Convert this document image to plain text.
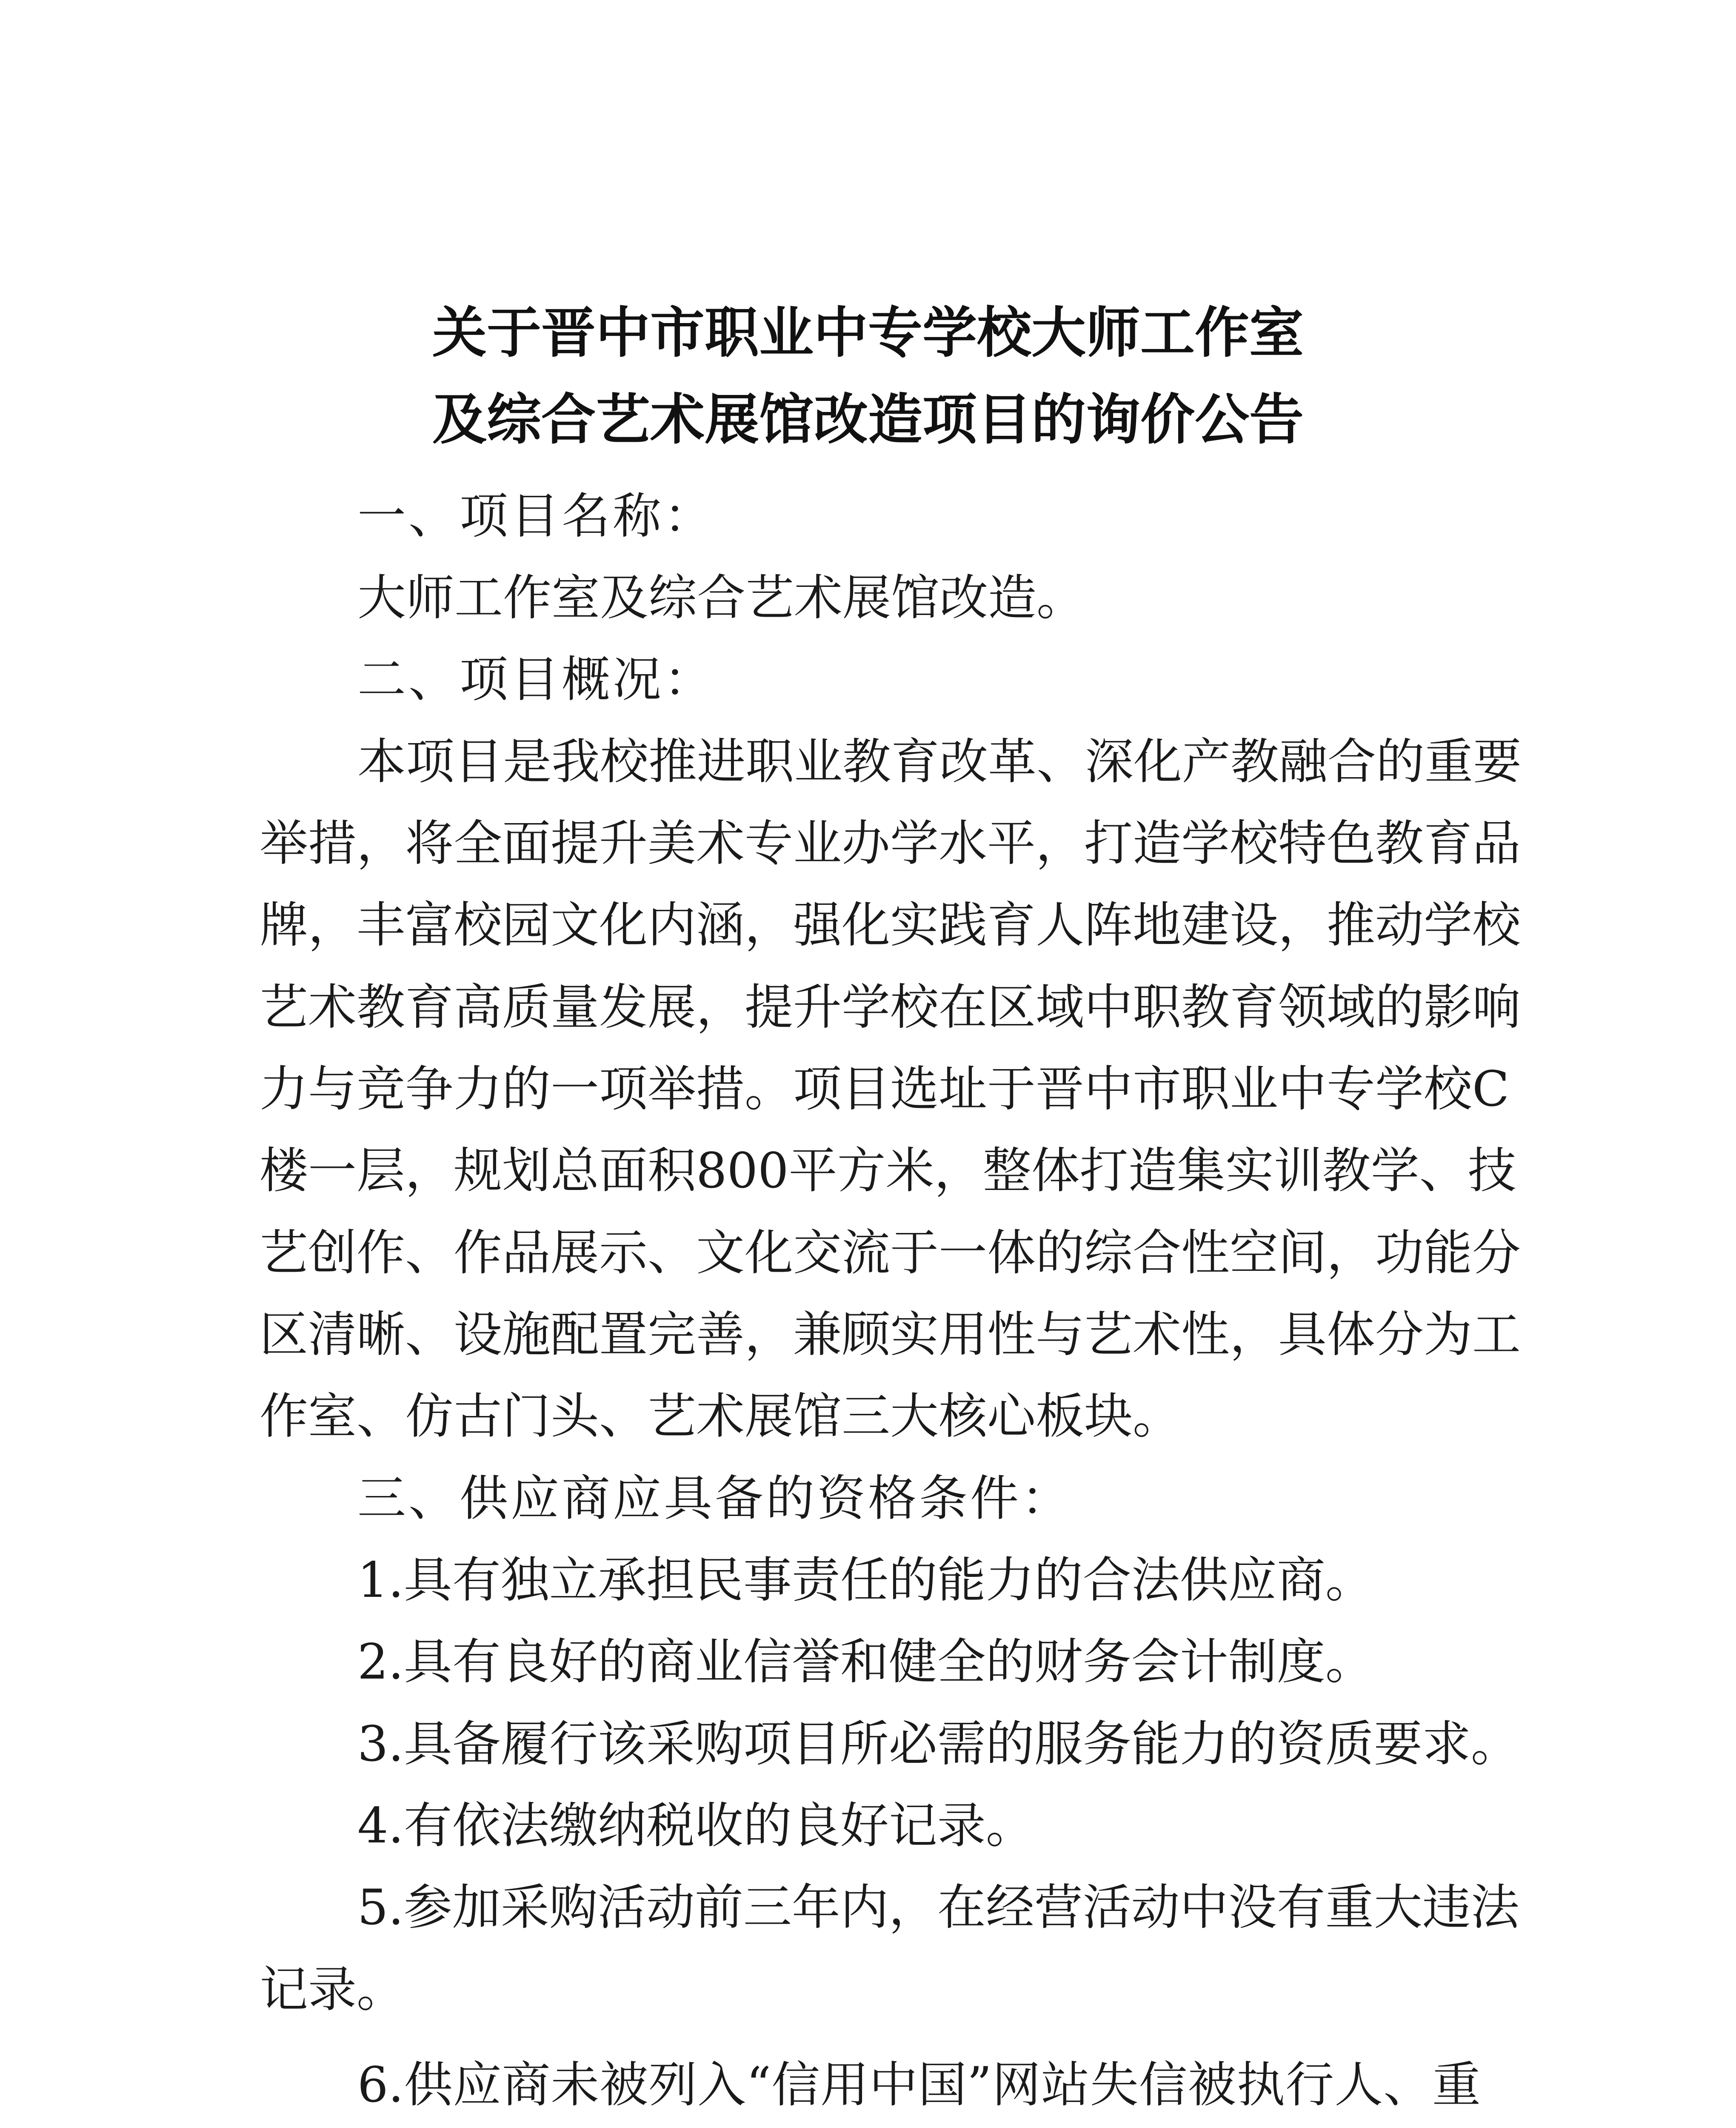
关于晋中市职业中专学校大师工作室
及综合艺术展馆改造项目的询价公告
一、项目名称：
大师工作室及综合艺术展馆改造。
二、项目概况：
本项目是我校推进职业教育改革、深化产教融合的重要
举措，将全面提升美术专业办学水平，打造学校特色教育品
牌，丰富校园文化内涵，强化实践育人阵地建设，推动学校
艺术教育高质量发展，提升学校在区域中职教育领域的影响
力与竞争力的一项举措。项目选址于晋中市职业中专学校C
楼一层，规划总面积800平方米，整体打造集实训教学、技
艺创作、作品展示、文化交流于一体的综合性空间，功能分
区清晰、设施配置完善，兼顾实用性与艺术性，具体分为工
作室、仿古门头、艺术展馆三大核心板块。
三、供应商应具备的资格条件：
1.具有独立承担民事责任的能力的合法供应商。
2.具有良好的商业信誉和健全的财务会计制度。
3.具备履行该采购项目所必需的服务能力的资质要求。
4.有依法缴纳税收的良好记录。
5.参加采购活动前三年内，在经营活动中没有重大违法
记录。
6.供应商未被列入“信用中国”网站失信被执行人、重
